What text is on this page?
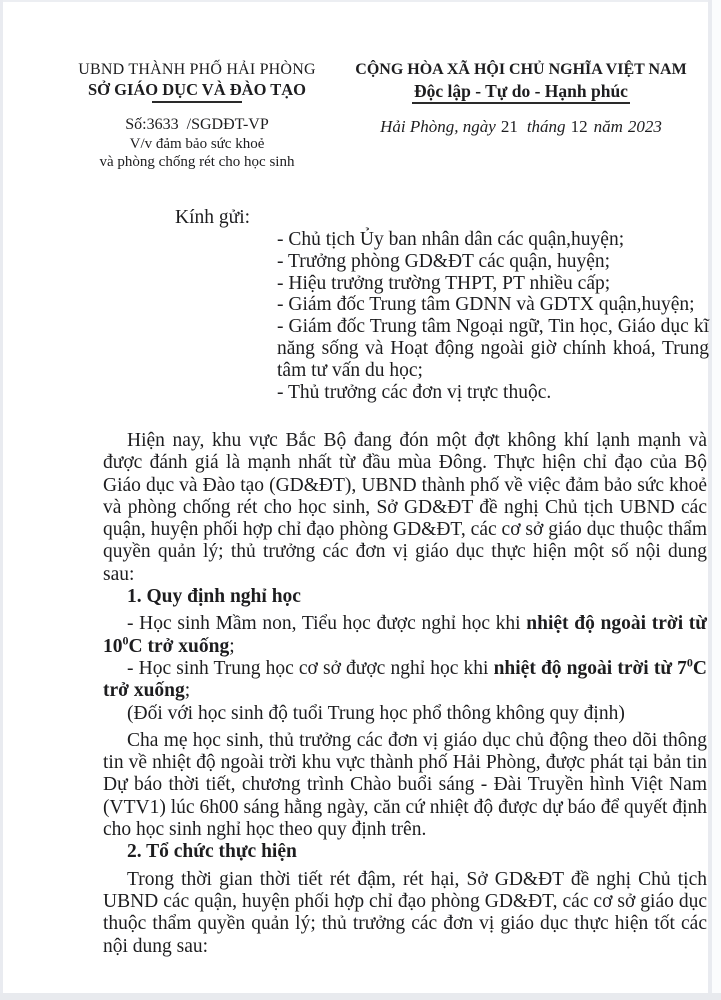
UBND THÀNH PHỐ HẢI PHÒNG
SỞ GIÁO DỤC VÀ ĐÀO TẠO
Số:3633 /SGDĐT-VP
V/v đảm bảo sức khoẻ
và phòng chống rét cho học sinh
CỘNG HÒA XÃ HỘI CHỦ NGHĨA VIỆT NAM
Độc lập - Tự do - Hạnh phúc
Hải Phòng, ngày 21 tháng 12 năm 2023
Kính gửi:
- Chủ tịch Ủy ban nhân dân các quận,huyện;
- Trưởng phòng GD&ĐT các quận, huyện;
- Hiệu trưởng trường THPT, PT nhiều cấp;
- Giám đốc Trung tâm GDNN và GDTX quận,huyện;
- Giám đốc Trung tâm Ngoại ngữ, Tin học, Giáo dục kĩ năng sống và Hoạt động ngoài giờ chính khoá, Trung tâm tư vấn du học;
- Thủ trưởng các đơn vị trực thuộc.

Hiện nay, khu vực Bắc Bộ đang đón một đợt không khí lạnh mạnh và được đánh giá là mạnh nhất từ đầu mùa Đông. Thực hiện chỉ đạo của Bộ Giáo dục và Đào tạo (GD&ĐT), UBND thành phố về việc đảm bảo sức khoẻ và phòng chống rét cho học sinh, Sở GD&ĐT đề nghị Chủ tịch UBND các quận, huyện phối hợp chỉ đạo phòng GD&ĐT, các cơ sở giáo dục thuộc thẩm quyền quản lý; thủ trưởng các đơn vị giáo dục thực hiện một số nội dung sau:

1. Quy định nghỉ học

- Học sinh Mầm non, Tiểu học được nghỉ học khi nhiệt độ ngoài trời từ $10^0C$ trở xuống;

- Học sinh Trung học cơ sở được nghỉ học khi nhiệt độ ngoài trời từ $7^0C$ trở xuống;

(Đối với học sinh độ tuổi Trung học phổ thông không quy định)

Cha mẹ học sinh, thủ trưởng các đơn vị giáo dục chủ động theo dõi thông tin về nhiệt độ ngoài trời khu vực thành phố Hải Phòng, được phát tại bản tin Dự báo thời tiết, chương trình Chào buổi sáng - Đài Truyền hình Việt Nam (VTV1) lúc 6h00 sáng hằng ngày, căn cứ nhiệt độ được dự báo để quyết định cho học sinh nghỉ học theo quy định trên.

2. Tổ chức thực hiện

Trong thời gian thời tiết rét đậm, rét hại, Sở GD&ĐT đề nghị Chủ tịch UBND các quận, huyện phối hợp chỉ đạo phòng GD&ĐT, các cơ sở giáo dục thuộc thẩm quyền quản lý; thủ trưởng các đơn vị giáo dục thực hiện tốt các nội dung sau:
